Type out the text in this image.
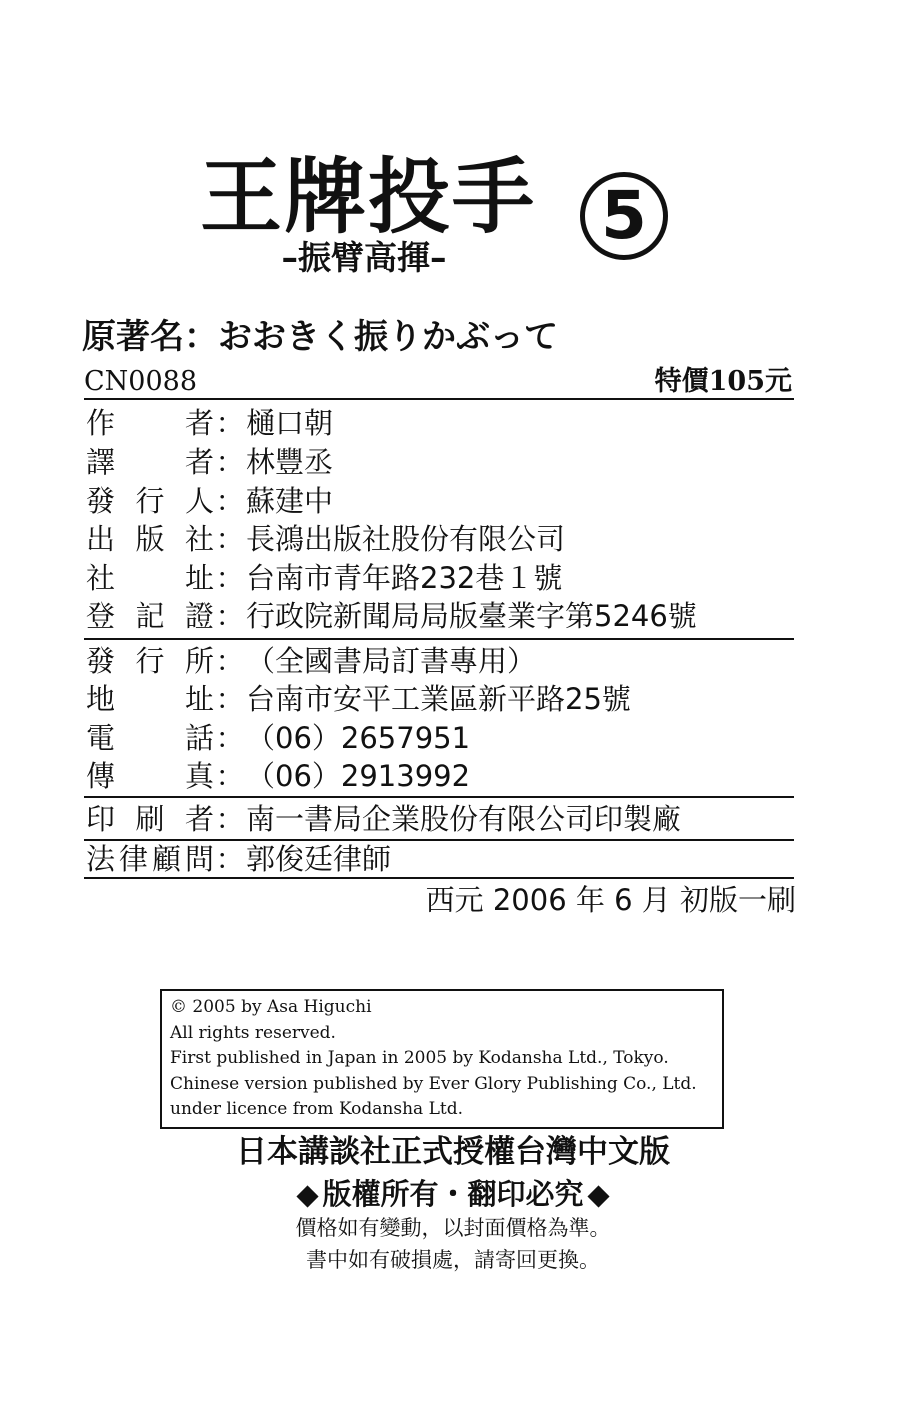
王牌投手 5
–振臂高揮–
原著名：おおきく振りかぶって
CN0088	特價105元
作者：樋口朝
譯者：林豐丞
發行人：蘇建中
出版社：長鴻出版社股份有限公司
社址：台南市青年路232巷１號
登記證：行政院新聞局局版臺業字第5246號
發行所：（全國書局訂書專用）
地址：台南市安平工業區新平路25號
電話：（06）2657951
傳真：（06）2913992
印刷者：南一書局企業股份有限公司印製廠
法律顧問：郭俊廷律師
西元 2006 年 6 月 初版一刷
© 2005 by Asa Higuchi
All rights reserved.
First published in Japan in 2005 by Kodansha Ltd., Tokyo.
Chinese version published by Ever Glory Publishing Co., Ltd.
under licence from Kodansha Ltd.
日本講談社正式授權台灣中文版
◆ 版權所有・翻印必究 ◆
價格如有變動，以封面價格為準。
書中如有破損處，請寄回更換。
